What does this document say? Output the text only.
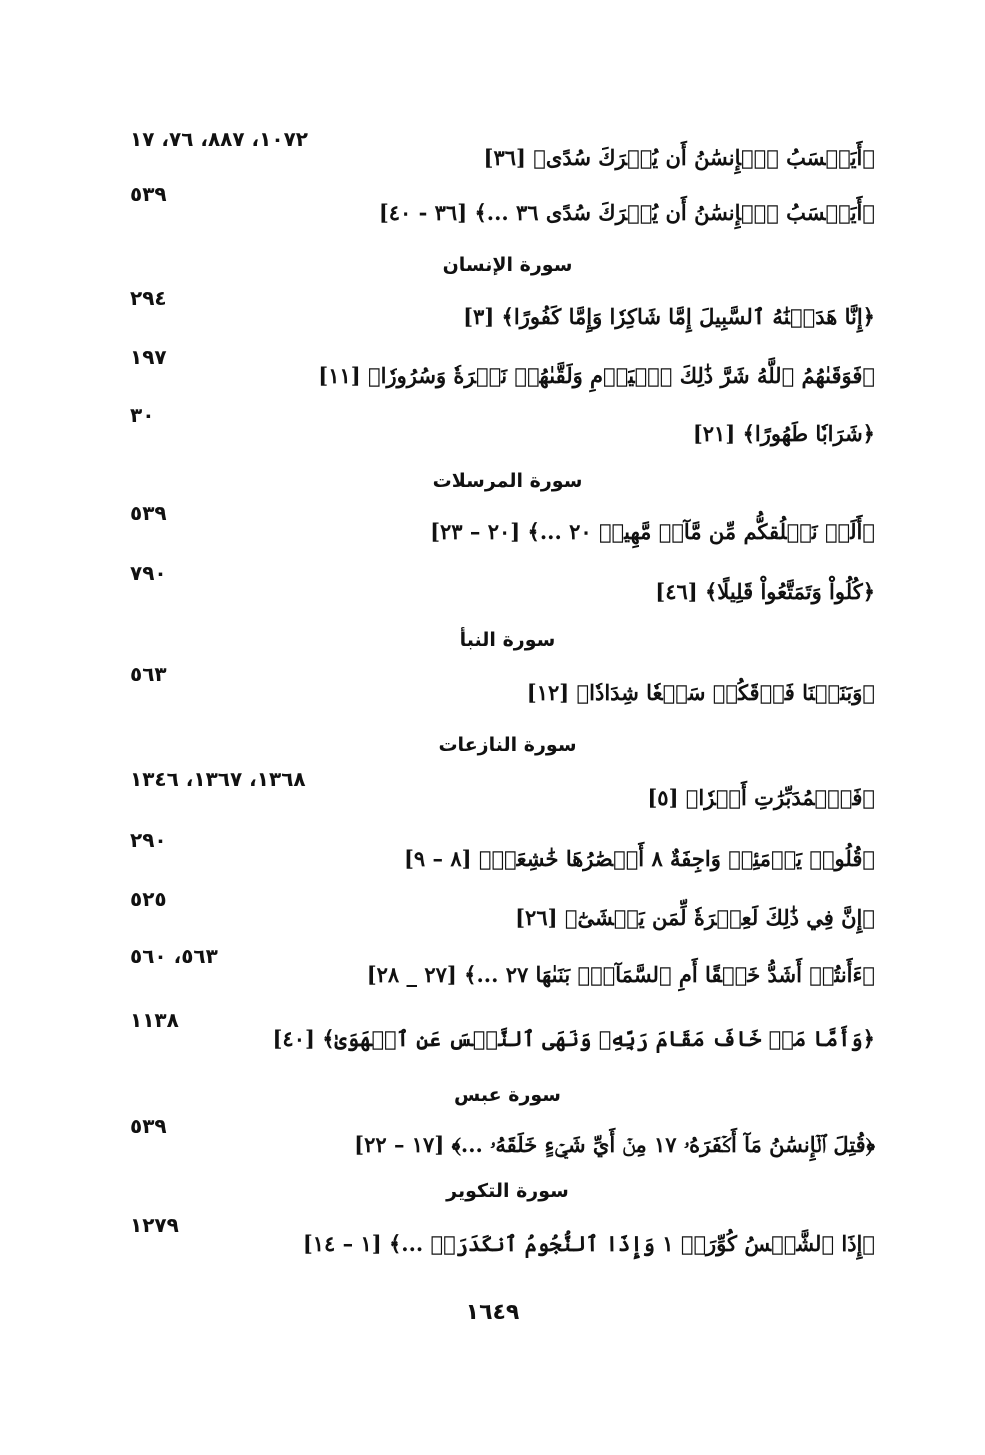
﴿أَيَحۡسَبُ ٱلۡإِنسَٰنُ أَن يُتۡرَكَ سُدًى﴾ [٣٦]
١٠٧٢، ٨٨٧، ٧٦، ١٧
﴿أَيَحۡسَبُ ٱلۡإِنسَٰنُ أَن يُتۡرَكَ سُدًى ٣٦ ...﴾ [٣٦ - ٤٠]
٥٣٩
سورة الإنسان
﴿إِنَّا هَدَيۡنَٰهُ ٱلسَّبِيلَ إِمَّا شَاكِرٗا وَإِمَّا كَفُورًا﴾ [٣]
٢٩٤
﴿فَوَقَىٰهُمُ ٱللَّهُ شَرَّ ذَٰلِكَ ٱلۡيَوۡمِ وَلَقَّىٰهُمۡ نَضۡرَةٗ وَسُرُورٗا﴾ [١١]
١٩٧
﴿شَرَابٗا طَهُورًا﴾ [٢١]
٣٠
سورة المرسلات
﴿أَلَمۡ نَخۡلُقكُّم مِّن مَّآءٖ مَّهِينٖ ٢٠ ...﴾ [٢٠ – ٢٣]
٥٣٩
﴿كُلُواْ وَتَمَتَّعُواْ قَلِيلًا﴾ [٤٦]
٧٩٠
سورة النبأ
﴿وَبَنَيۡنَا فَوۡقَكُمۡ سَبۡعٗا شِدَادٗا﴾ [١٢]
٥٦٣
سورة النازعات
﴿فَٱلۡمُدَبِّرَٰتِ أَمۡرٗا﴾ [٥]
١٣٦٨، ١٣٦٧، ١٣٤٦
﴿قُلُوبٞ يَوۡمَئِذٖ وَاجِفَةٌ ٨ أَبۡصَٰرُهَا خَٰشِعَةٞ﴾ [٨ – ٩]
٢٩٠
﴿إِنَّ فِي ذَٰلِكَ لَعِبۡرَةٗ لِّمَن يَخۡشَىٰٓ﴾ [٢٦]
٥٢٥
﴿ءَأَنتُمۡ أَشَدُّ خَلۡقًا أَمِ ٱلسَّمَآءُۚ بَنَىٰهَا ٢٧ ...﴾ [٢٧ _ ٢٨]
٥٦٣، ٥٦٠
﴿وَأَمَّا مَنۡ خَافَ مَقَامَ رَبِّهِۦ وَنَهَى ٱلنَّفۡسَ عَنِ ٱلۡهَوَىٰ﴾ [٤٠]
١١٣٨
سورة عبس
﴿قُتِلَ ٱلۡإِنسَٰنُ مَآ أَكۡفَرَهُۥ ١٧ مِنۡ أَيِّ شَيۡءٍ خَلَقَهُۥ ...﴾ [١٧ – ٢٢]
٥٣٩
سورة التكوير
﴿إِذَا ٱلشَّمۡسُ كُوِّرَتۡ ١ وَإِذَا ٱلنُّجُومُ ٱنكَدَرَتۡ ...﴾ [١ – ١٤]
١٢٧٩
١٦٤٩
